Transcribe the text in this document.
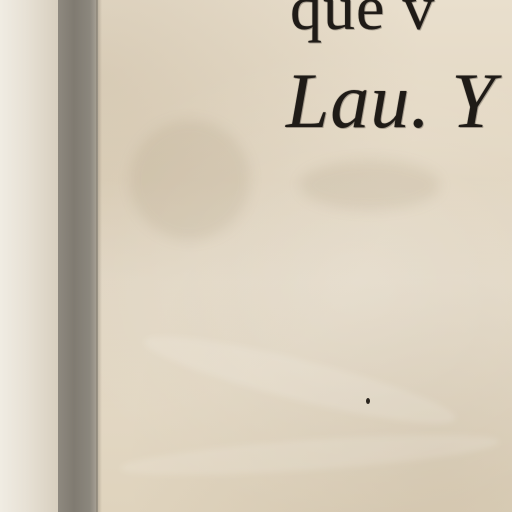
que v

Lau. Y
